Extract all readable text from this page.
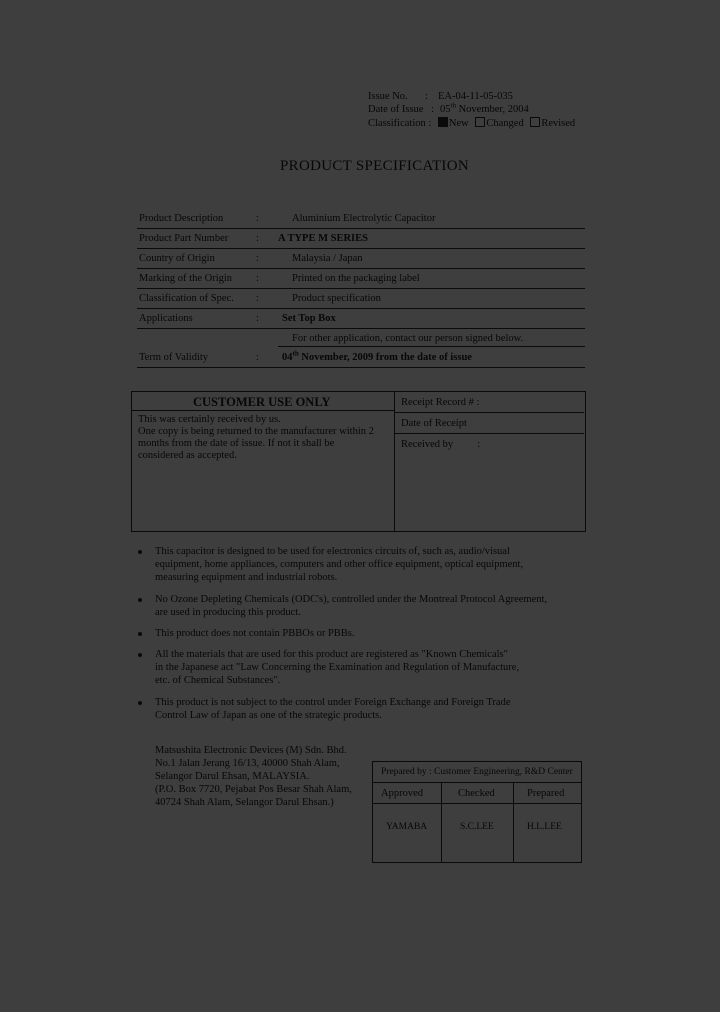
Issue No. : EA-04-11-05-035
Date of Issue : 05th November, 2004
Classification : New Changed Revised
PRODUCT SPECIFICATION
Product Description	:	Aluminium Electrolytic Capacitor
Product Part Number	: A TYPE M SERIES
Country of Origin	:	Malaysia / Japan
Marking of the Origin :	Printed on the packaging label
Classification of Spec. :	Product specification
Applications	: Set Top Box
For other application, contact our person signed below.
Term of Validity	: 04th November, 2009 from the date of issue
CUSTOMER USE ONLY
This was certainly received by us.
One copy is being returned to the manufacturer within 2
months from the date of issue. If not it shall be
considered as accepted.
Receipt Record # :
Date of Receipt
Received by :
This capacitor is designed to be used for electronics circuits of, such as, audio/visual
equipment, home appliances, computers and other office equipment, optical equipment,
measuring equipment and industrial robots.
No Ozone Depleting Chemicals (ODC's), controlled under the Montreal Protocol Agreement,
are used in producing this product.
This product does not contain PBBOs or PBBs.
All the materials that are used for this product are registered as "Known Chemicals"
in the Japanese act "Law Concerning the Examination and Regulation of Manufacture,
etc. of Chemical Substances".
This product is not subject to the control under Foreign Exchange and Foreign Trade
Control Law of Japan as one of the strategic products.
Matsushita Electronic Devices (M) Sdn. Bhd.
No.1 Jalan Jerang 16/13, 40000 Shah Alam,
Selangor Darul Ehsan, MALAYSIA.
(P.O. Box 7720, Pejabat Pos Besar Shah Alam,
40724 Shah Alam, Selangor Darul Ehsan.)
Prepared by : Customer Engineering, R&D Center
Approved	Checked	Prepared
YAMABA	S.C.LEE	H.L.LEE
